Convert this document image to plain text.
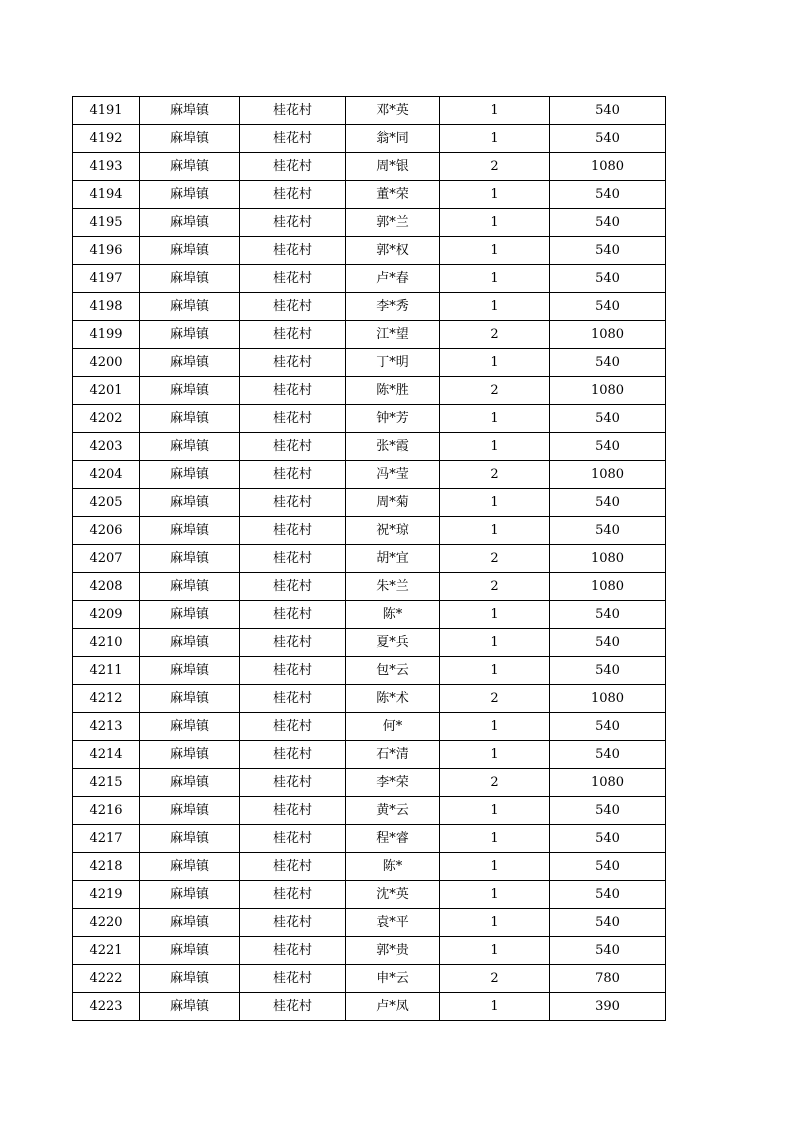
4191	麻埠镇	桂花村	邓*英	1	540
4192	麻埠镇	桂花村	翁*同	1	540
4193	麻埠镇	桂花村	周*银	2	1080
4194	麻埠镇	桂花村	董*荣	1	540
4195	麻埠镇	桂花村	郭*兰	1	540
4196	麻埠镇	桂花村	郭*权	1	540
4197	麻埠镇	桂花村	卢*春	1	540
4198	麻埠镇	桂花村	李*秀	1	540
4199	麻埠镇	桂花村	江*望	2	1080
4200	麻埠镇	桂花村	丁*明	1	540
4201	麻埠镇	桂花村	陈*胜	2	1080
4202	麻埠镇	桂花村	钟*芳	1	540
4203	麻埠镇	桂花村	张*霞	1	540
4204	麻埠镇	桂花村	冯*莹	2	1080
4205	麻埠镇	桂花村	周*菊	1	540
4206	麻埠镇	桂花村	祝*琼	1	540
4207	麻埠镇	桂花村	胡*宜	2	1080
4208	麻埠镇	桂花村	朱*兰	2	1080
4209	麻埠镇	桂花村	陈*	1	540
4210	麻埠镇	桂花村	夏*兵	1	540
4211	麻埠镇	桂花村	包*云	1	540
4212	麻埠镇	桂花村	陈*术	2	1080
4213	麻埠镇	桂花村	何*	1	540
4214	麻埠镇	桂花村	石*清	1	540
4215	麻埠镇	桂花村	李*荣	2	1080
4216	麻埠镇	桂花村	黄*云	1	540
4217	麻埠镇	桂花村	程*睿	1	540
4218	麻埠镇	桂花村	陈*	1	540
4219	麻埠镇	桂花村	沈*英	1	540
4220	麻埠镇	桂花村	袁*平	1	540
4221	麻埠镇	桂花村	郭*贵	1	540
4222	麻埠镇	桂花村	申*云	2	780
4223	麻埠镇	桂花村	卢*凤	1	390
